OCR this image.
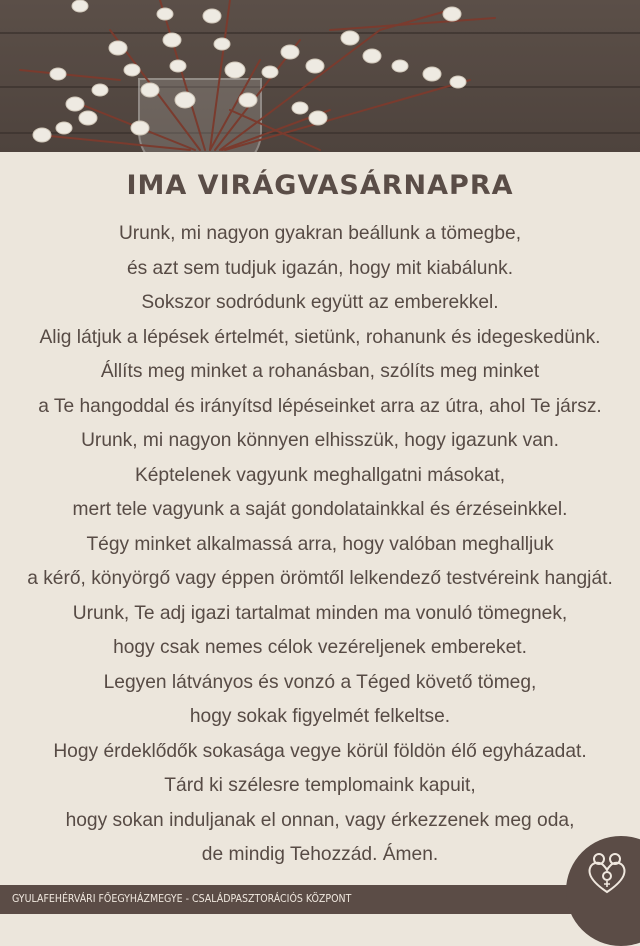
IMA VIRÁGVASÁRNAPRA
Urunk, mi nagyon gyakran beállunk a tömegbe,
és azt sem tudjuk igazán, hogy mit kiabálunk.
Sokszor sodródunk együtt az emberekkel.
Alig látjuk a lépések értelmét, sietünk, rohanunk és idegeskedünk.
Állíts meg minket a rohanásban, szólíts meg minket
a Te hangoddal és irányítsd lépéseinket arra az útra, ahol Te jársz.
Urunk, mi nagyon könnyen elhisszük, hogy igazunk van.
Képtelenek vagyunk meghallgatni másokat,
mert tele vagyunk a saját gondolatainkkal és érzéseinkkel.
Tégy minket alkalmassá arra, hogy valóban meghalljuk
a kérő, könyörgő vagy éppen örömtől lelkendező testvéreink hangját.
Urunk, Te adj igazi tartalmat minden ma vonuló tömegnek,
hogy csak nemes célok vezéreljenek embereket.
Legyen látványos és vonzó a Téged követő tömeg,
hogy sokak figyelmét felkeltse.
Hogy érdeklődők sokasága vegye körül földön élő egyházadat.
Tárd ki szélesre templomaink kapuit,
hogy sokan induljanak el onnan, vagy érkezzenek meg oda,
de mindig Tehozzád. Ámen.
GYULAFEHÉRVÁRI FŐEGYHÁZMEGYE - CSALÁDPASZTORÁCIÓS KÖZPONT
